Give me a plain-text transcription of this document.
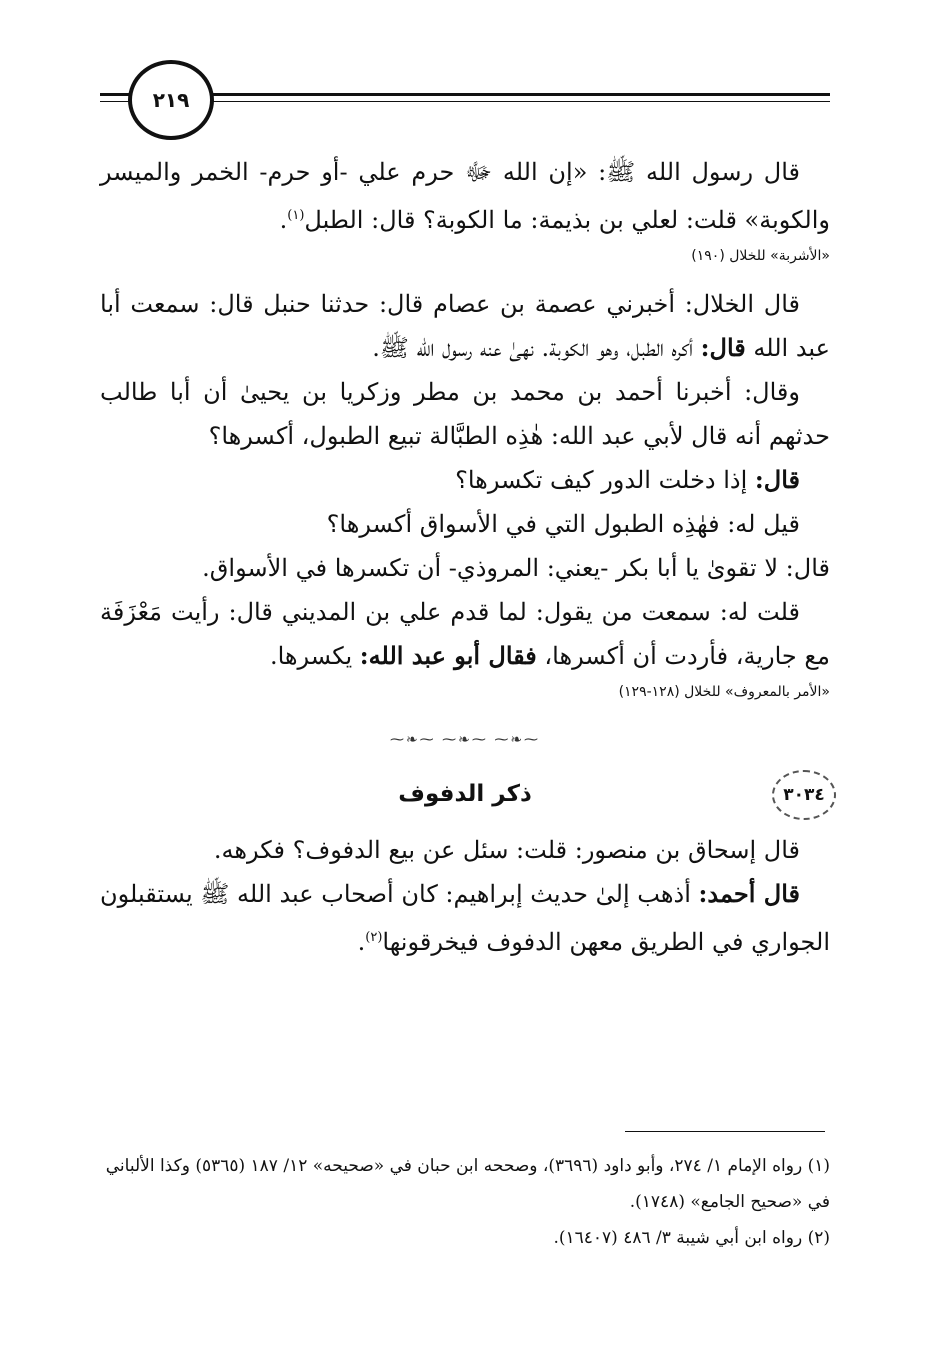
٢١٩

قال رسول الله ﷺ: «إن الله ﷻ حرم علي -أو حرم- الخمر والميسر والكوبة» قلت: لعلي بن بذيمة: ما الكوبة؟ قال: الطبل$^{(١)}$.

«الأشربة» للخلال (١٩٠)

قال الخلال: أخبرني عصمة بن عصام قال: حدثنا حنبل قال: سمعت أبا عبد الله قال: أكره الطبل، وهو الكوبة. نهىٰ عنه رسول الله ﷺ.

وقال: أخبرنا أحمد بن محمد بن مطر وزكريا بن يحيىٰ أن أبا طالب حدثهم أنه قال لأبي عبد الله: هٰذِه الطبَّالة تبيع الطبول، أكسرها؟

قال: إذا دخلت الدور كيف تكسرها؟

قيل له: فهٰذِه الطبول التي في الأسواق أكسرها؟

قال: لا تقوىٰ يا أبا بكر -يعني: المروذي- أن تكسرها في الأسواق.

قلت له: سمعت من يقول: لما قدم علي بن المديني قال: رأيت مَعْزَفَة مع جارية، فأردت أن أكسرها، فقال أبو عبد الله: يكسرها.

«الأمر بالمعروف» للخلال (١٢٨-١٢٩)
⁓❧⁓ ⁓❧⁓ ⁓❧⁓
٣٠٣٤
ذكر الدفوف

قال إسحاق بن منصور: قلت: سئل عن بيع الدفوف؟ فكرهه.

قال أحمد: أذهب إلىٰ حديث إبراهيم: كان أصحاب عبد الله ﷺ يستقبلون الجواري في الطريق معهن الدفوف فيخرقونها$^{(٢)}$.

(١) رواه الإمام ١/ ٢٧٤، وأبو داود (٣٦٩٦)، وصححه ابن حبان في «صحيحه» ١٢/ ١٨٧ (٥٣٦٥) وكذا الألباني في «صحيح الجامع» (١٧٤٨).

(٢) رواه ابن أبي شيبة ٣/ ٤٨٦ (١٦٤٠٧).
